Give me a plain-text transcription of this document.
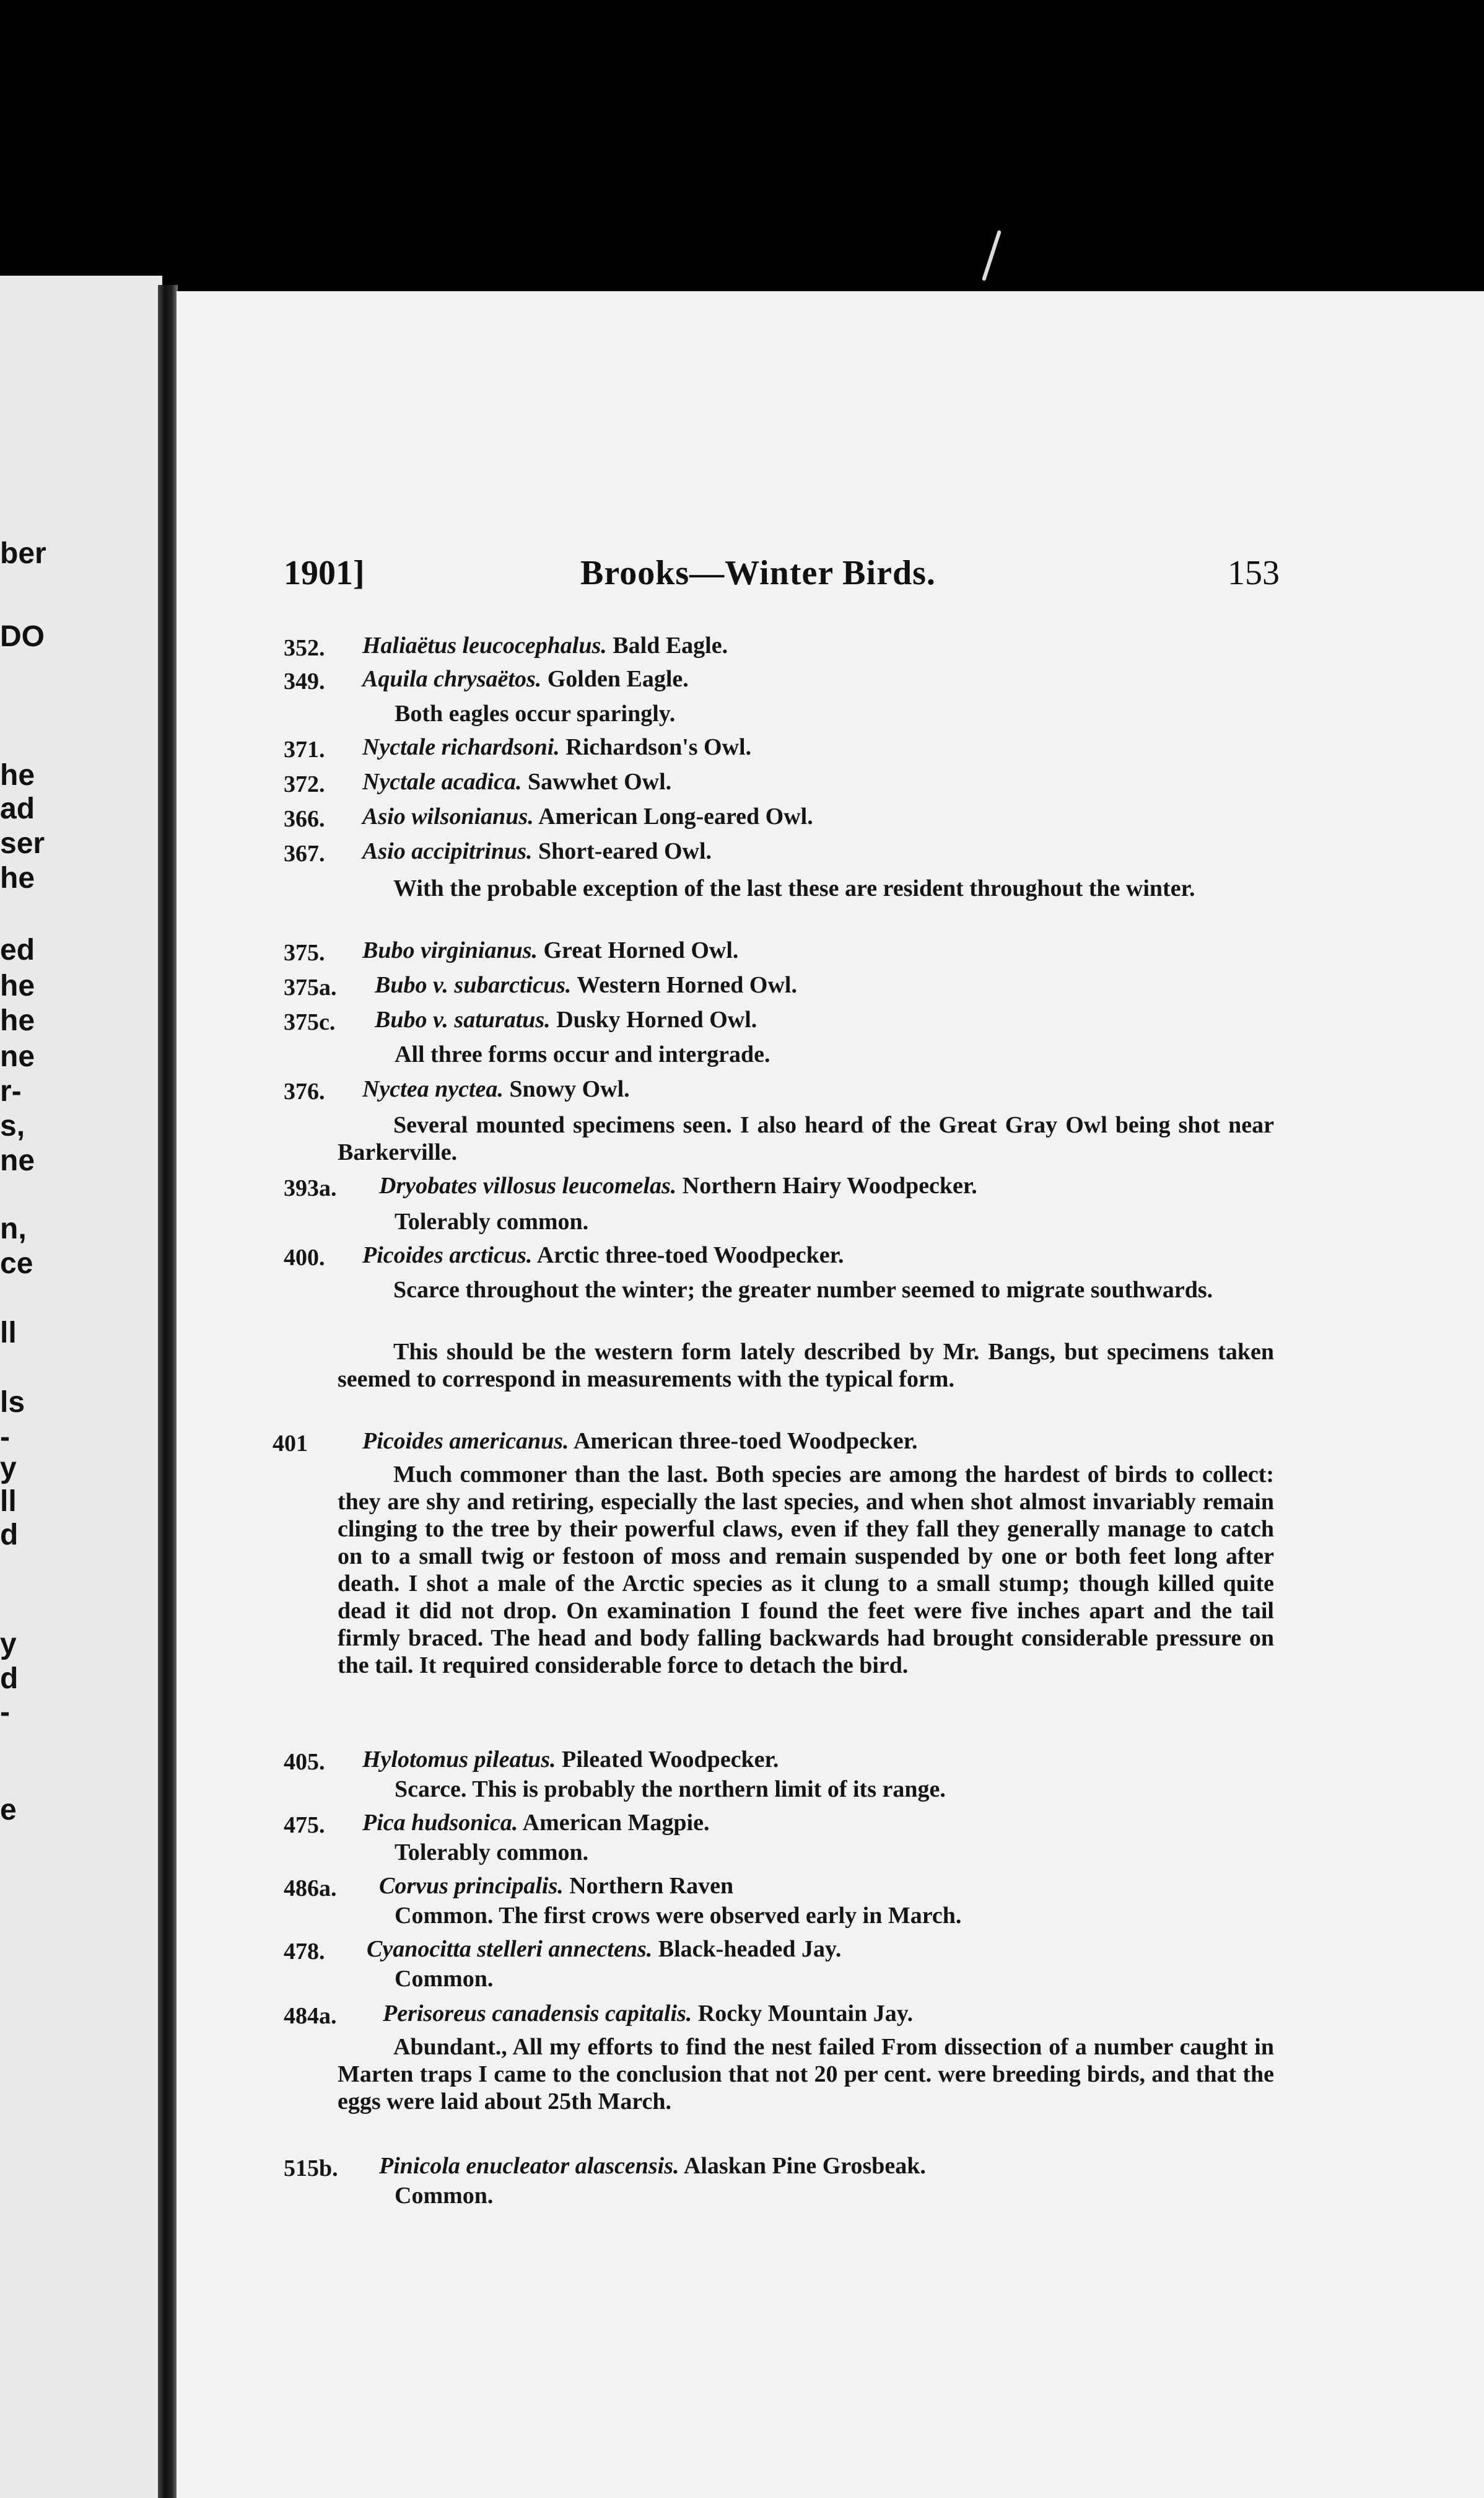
ber
DO
he
ad
ser
he
ed
he
he
ne
r-
s,
ne
n,
ce
ll
ls
-
y
ll
d
y
d
-
e
1901]	Brooks—Winter Birds.	153
352. Haliaëtus leucocephalus. Bald Eagle.
349. Aquila chrysaëtos. Golden Eagle.
Both eagles occur sparingly.
371. Nyctale richardsoni. Richardson's Owl.
372. Nyctale acadica. Sawwhet Owl.
366. Asio wilsonianus. American Long-eared Owl.
367. Asio accipitrinus. Short-eared Owl.
With the probable exception of the last these are resident throughout the winter.
375. Bubo virginianus. Great Horned Owl.
375a. Bubo v. subarcticus. Western Horned Owl.
375c. Bubo v. saturatus. Dusky Horned Owl.
All three forms occur and intergrade.
376. Nyctea nyctea. Snowy Owl.
Several mounted specimens seen. I also heard of the Great Gray Owl being shot near Barkerville.
393a. Dryobates villosus leucomelas. Northern Hairy Woodpecker.
Tolerably common.
400. Picoides arcticus. Arctic three-toed Woodpecker.
Scarce throughout the winter; the greater number seemed to migrate southwards.
This should be the western form lately described by Mr. Bangs, but specimens taken seemed to correspond in measurements with the typical form.
401 Picoides americanus. American three-toed Woodpecker.
Much commoner than the last. Both species are among the hardest of birds to collect: they are shy and retiring, especially the last species, and when shot almost invariably remain clinging to the tree by their powerful claws, even if they fall they generally manage to catch on to a small twig or festoon of moss and remain suspended by one or both feet long after death. I shot a male of the Arctic species as it clung to a small stump; though killed quite dead it did not drop. On examination I found the feet were five inches apart and the tail firmly braced. The head and body falling backwards had brought considerable pressure on the tail. It required considerable force to detach the bird.
405. Hylotomus pileatus. Pileated Woodpecker.
Scarce. This is probably the northern limit of its range.
475. Pica hudsonica. American Magpie.
Tolerably common.
486a. Corvus principalis. Northern Raven
Common. The first crows were observed early in March.
478. Cyanocitta stelleri annectens. Black-headed Jay.
Common.
484a. Perisoreus canadensis capitalis. Rocky Mountain Jay.
Abundant., All my efforts to find the nest failed From dissection of a number caught in Marten traps I came to the conclusion that not 20 per cent. were breeding birds, and that the eggs were laid about 25th March.
515b. Pinicola enucleator alascensis. Alaskan Pine Grosbeak.
Common.
